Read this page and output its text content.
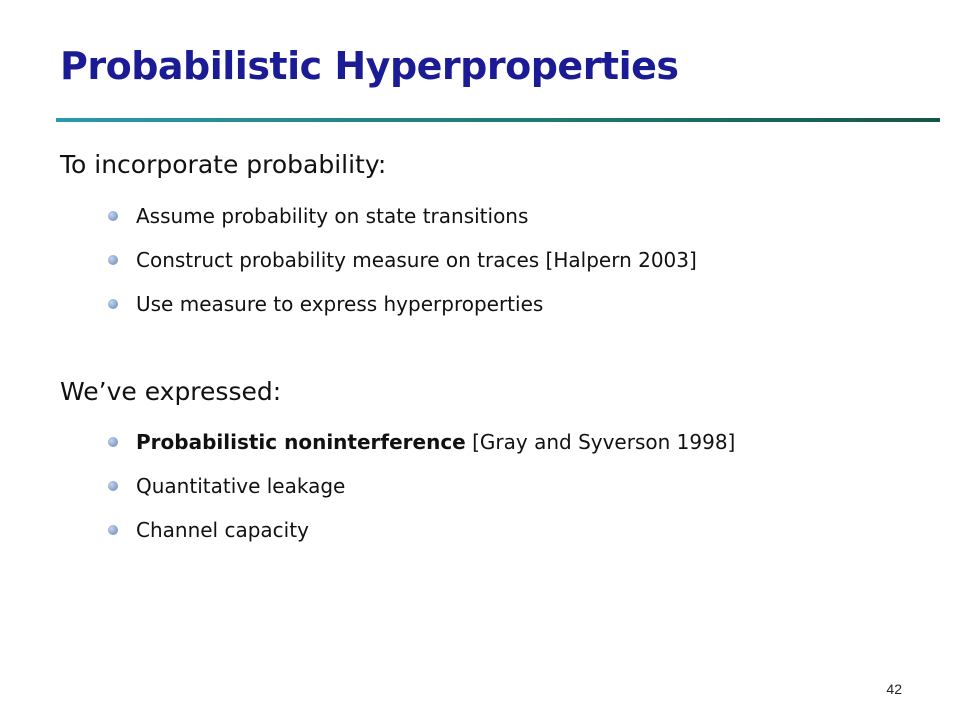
Probabilistic Hyperproperties
To incorporate probability:
Assume probability on state transitions
Construct probability measure on traces [Halpern 2003]
Use measure to express hyperproperties
We’ve expressed:
Probabilistic noninterference [Gray and Syverson 1998]
Quantitative leakage
Channel capacity
42
